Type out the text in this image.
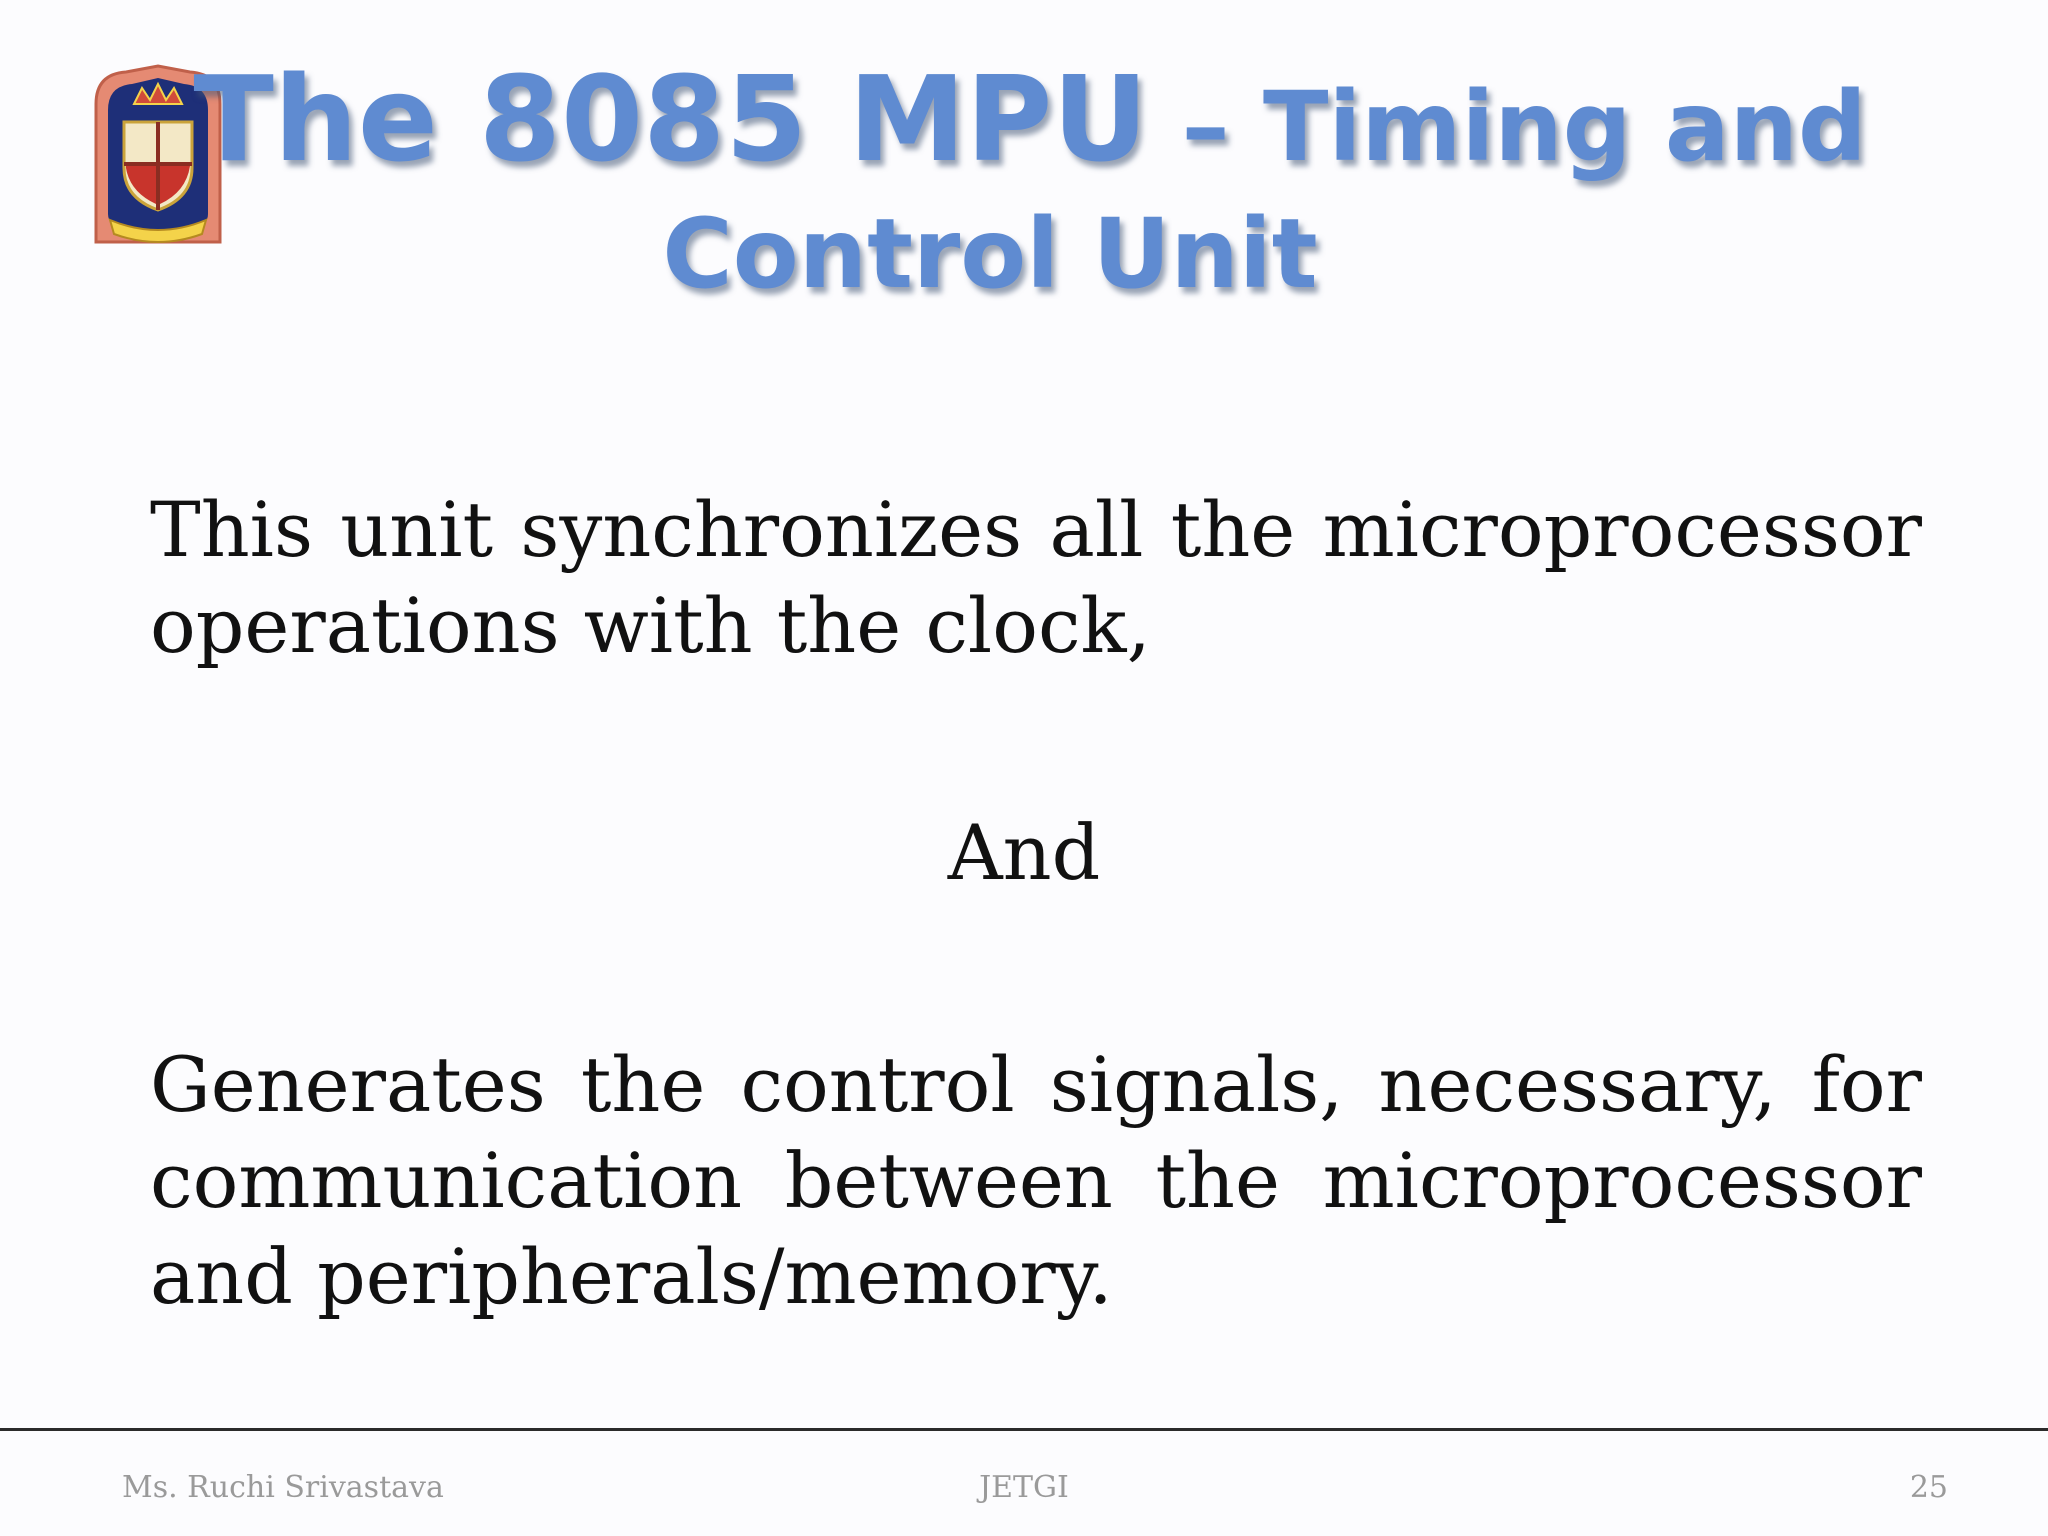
The 8085 MPU – Timing and
Control Unit
This unit synchronizes all the microprocessor operations with the clock,
And
Generates the control signals, necessary, for communication between the microprocessor and peripherals/memory.
Ms. Ruchi Srivastava	JETGI	25
